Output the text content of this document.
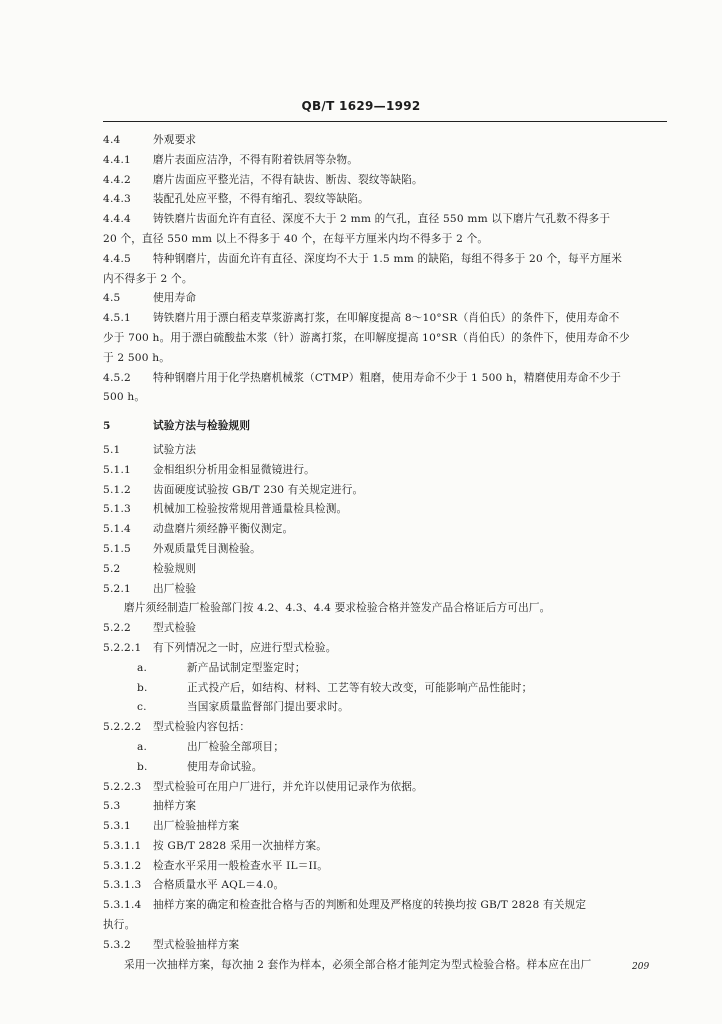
QB/T 1629—1992
4.4	外观要求
4.4.1 磨片表面应洁净，不得有附着铁屑等杂物。
4.4.2 磨片齿面应平整光洁，不得有缺齿、断齿、裂纹等缺陷。
4.4.3 装配孔处应平整，不得有缩孔、裂纹等缺陷。
4.4.4 铸铁磨片齿面允许有直径、深度不大于 2 mm 的气孔，直径 550 mm 以下磨片气孔数不得多于
20 个，直径 550 mm 以上不得多于 40 个，在每平方厘米内均不得多于 2 个。
4.4.5 特种钢磨片，齿面允许有直径、深度均不大于 1.5 mm 的缺陷，每组不得多于 20 个，每平方厘米
内不得多于 2 个。
4.5	使用寿命
4.5.1 铸铁磨片用于漂白稻麦草浆游离打浆，在叩解度提高 8～10°SR（肖伯氏）的条件下，使用寿命不
少于 700 h。用于漂白硫酸盐木浆（针）游离打浆，在叩解度提高 10°SR（肖伯氏）的条件下，使用寿命不少
于 2 500 h。
4.5.2 特种钢磨片用于化学热磨机械浆（CTMP）粗磨，使用寿命不少于 1 500 h，精磨使用寿命不少于
500 h。
5	试验方法与检验规则
5.1	试验方法
5.1.1 金相组织分析用金相显微镜进行。
5.1.2 齿面硬度试验按 GB/T 230 有关规定进行。
5.1.3 机械加工检验按常规用普通量检具检测。
5.1.4 动盘磨片须经静平衡仪测定。
5.1.5 外观质量凭目测检验。
5.2	检验规则
5.2.1 出厂检验
磨片须经制造厂检验部门按 4.2、4.3、4.4 要求检验合格并签发产品合格证后方可出厂。
5.2.2 型式检验
5.2.2.1 有下列情况之一时，应进行型式检验。
a.	新产品试制定型鉴定时；
b.	正式投产后，如结构、材料、工艺等有较大改变，可能影响产品性能时；
c.	当国家质量监督部门提出要求时。
5.2.2.2 型式检验内容包括：
a.	出厂检验全部项目；
b.	使用寿命试验。
5.2.2.3 型式检验可在用户厂进行，并允许以使用记录作为依据。
5.3	抽样方案
5.3.1 出厂检验抽样方案
5.3.1.1 按 GB/T 2828 采用一次抽样方案。
5.3.1.2 检查水平采用一般检查水平 IL＝II。
5.3.1.3 合格质量水平 AQL＝4.0。
5.3.1.4 抽样方案的确定和检查批合格与否的判断和处理及严格度的转换均按 GB/T 2828 有关规定
执行。
5.3.2 型式检验抽样方案
采用一次抽样方案，每次抽 2 套作为样本，必须全部合格才能判定为型式检验合格。样本应在出厂	209
